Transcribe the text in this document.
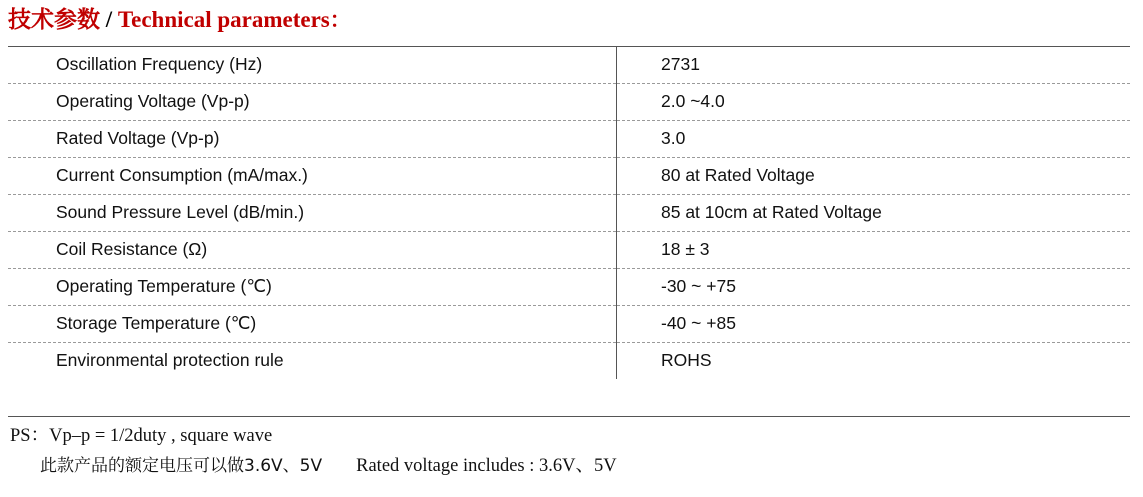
技术参数 / Technical parameters：
Oscillation Frequency (Hz)	2731
Operating Voltage (Vp-p)	2.0 ~4.0
Rated Voltage (Vp-p)	3.0
Current Consumption (mA/max.)	80 at Rated Voltage
Sound Pressure Level (dB/min.)	85 at 10cm at Rated Voltage
Coil Resistance (Ω)	18 ± 3
Operating Temperature (℃)	-30 ~ +75
Storage Temperature (℃)	-40 ~ +85
Environmental protection rule	ROHS
PS：Vp–p = 1/2duty , square wave
此款产品的额定电压可以做3.6V、5V Rated voltage includes : 3.6V、5V
